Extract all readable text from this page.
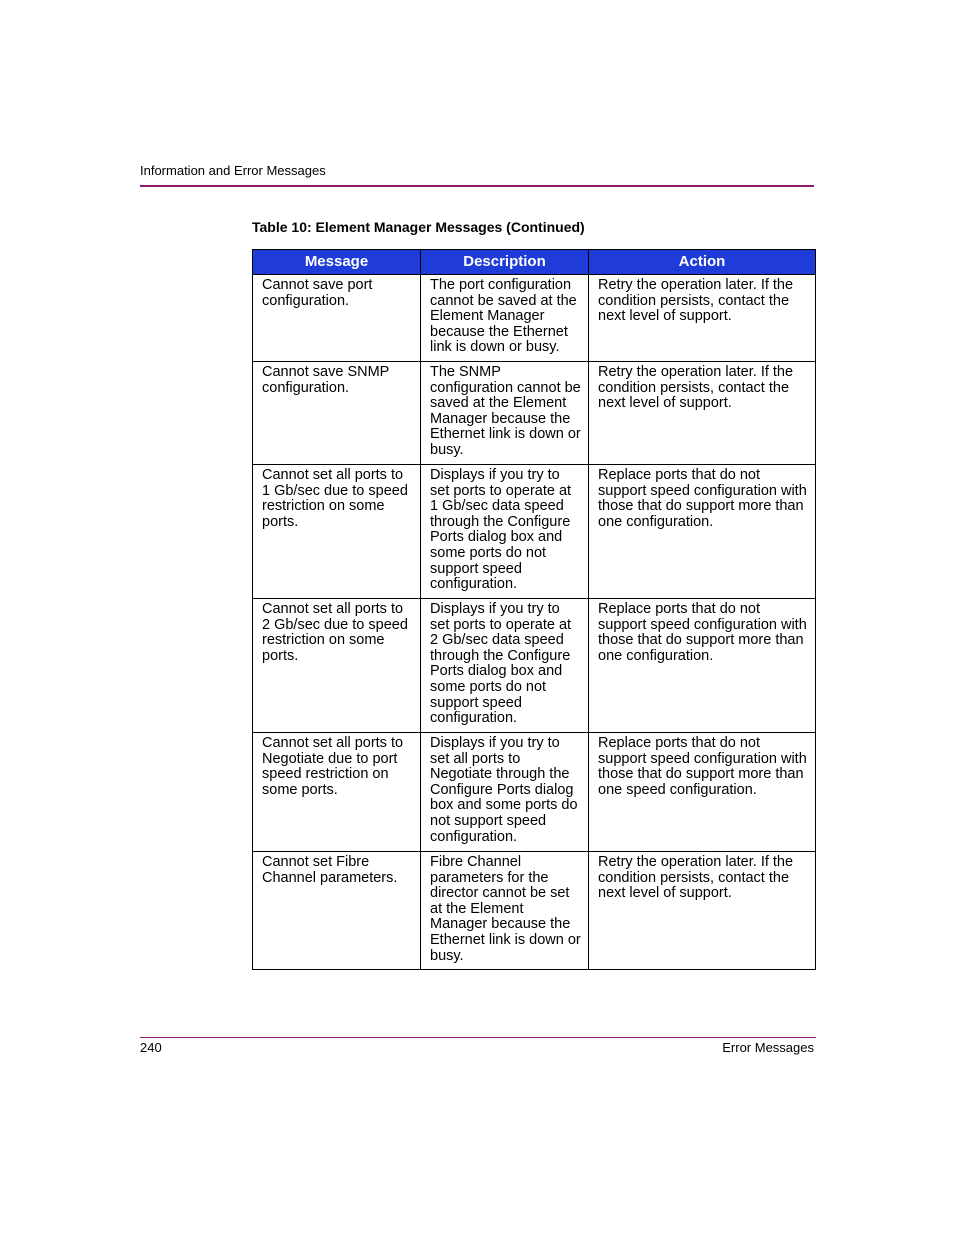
Information and Error Messages
Table 10: Element Manager Messages (Continued)
Message	Description	Action
Cannot save port configuration.	The port configuration cannot be saved at the Element Manager because the Ethernet link is down or busy.	Retry the operation later. If the condition persists, contact the next level of support.
Cannot save SNMP configuration.	The SNMP configuration cannot be saved at the Element Manager because the Ethernet link is down or busy.	Retry the operation later. If the condition persists, contact the next level of support.
Cannot set all ports to 1 Gb/sec due to speed restriction on some ports.	Displays if you try to set ports to operate at 1 Gb/sec data speed through the Configure Ports dialog box and some ports do not support speed configuration.	Replace ports that do not support speed configuration with those that do support more than one configuration.
Cannot set all ports to 2 Gb/sec due to speed restriction on some ports.	Displays if you try to set ports to operate at 2 Gb/sec data speed through the Configure Ports dialog box and some ports do not support speed configuration.	Replace ports that do not support speed configuration with those that do support more than one configuration.
Cannot set all ports to Negotiate due to port speed restriction on some ports.	Displays if you try to set all ports to Negotiate through the Configure Ports dialog box and some ports do not support speed configuration.	Replace ports that do not support speed configuration with those that do support more than one speed configuration.
Cannot set Fibre Channel parameters.	Fibre Channel parameters for the director cannot be set at the Element Manager because the Ethernet link is down or busy.	Retry the operation later. If the condition persists, contact the next level of support.
240	Error Messages
